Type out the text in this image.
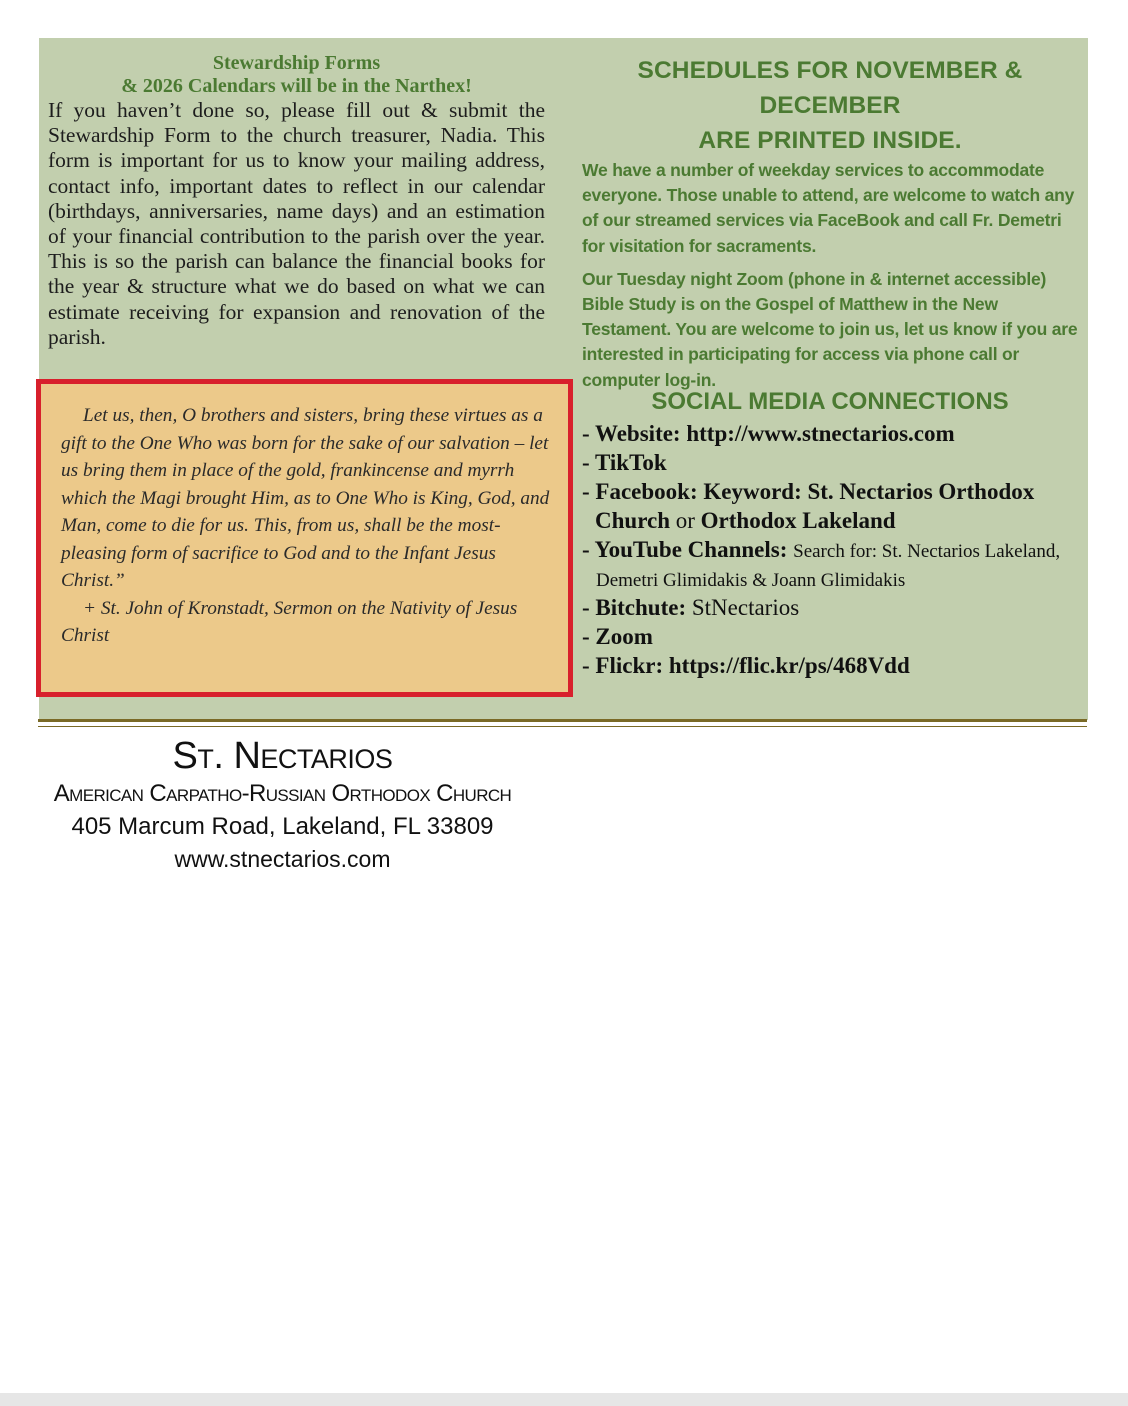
Stewardship Forms
& 2026 Calendars will be in the Narthex!

If you haven’t done so, please fill out & submit the Stewardship Form to the church treasurer, Nadia. This form is important for us to know your mailing address, contact info, important dates to reflect in our calendar (birthdays, anniversaries, name days) and an estimation of your financial contribution to the parish over the year. This is so the parish can balance the financial books for the year & structure what we do based on what we can estimate receiving for expansion and renovation of the parish.

Let us, then, O brothers and sisters, bring these virtues as a gift to the One Who was born for the sake of our salvation – let us bring them in place of the gold, frankincense and myrrh which the Magi brought Him, as to One Who is King, God, and Man, come to die for us. This, from us, shall be the most-pleasing form of sacrifice to God and to the Infant Jesus Christ.”

+ St. John of Kronstadt, Sermon on the Nativity of Jesus Christ

SCHEDULES FOR NOVEMBER & DECEMBER
ARE PRINTED INSIDE.

We have a number of weekday services to accommodate everyone. Those unable to attend, are welcome to watch any of our streamed services via FaceBook and call Fr. Demetri for visitation for sacraments.

Our Tuesday night Zoom (phone in & internet accessible) Bible Study is on the Gospel of Matthew in the New Testament. You are welcome to join us, let us know if you are interested in participating for access via phone call or computer log-in.

SOCIAL MEDIA CONNECTIONS
- Website: http://www.stnectarios.com
- TikTok
- Facebook: Keyword: St. Nectarios Orthodox Church or Orthodox Lakeland
- YouTube Channels: Search for: St. Nectarios Lakeland, Demetri Glimidakis & Joann Glimidakis
- Bitchute: StNectarios
- Zoom
- Flickr: https://flic.kr/ps/468Vdd
St. Nectarios
American Carpatho-Russian Orthodox Church
405 Marcum Road, Lakeland, FL 33809
www.stnectarios.com
